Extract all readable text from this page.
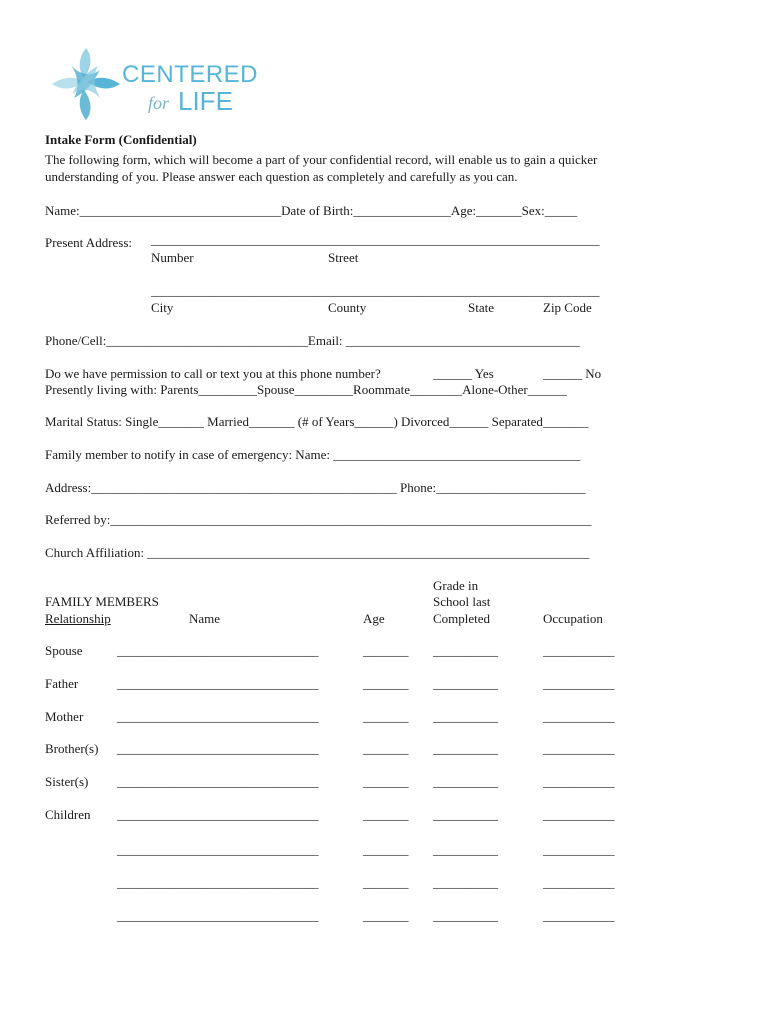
CENTERED
for LIFE
Intake Form (Confidential)
The following form, which will become a part of your confidential record, will enable us to gain a quicker
understanding of you. Please answer each question as completely and carefully as you can.
Name:_______________________________Date of Birth:_______________Age:_______Sex:_____
Present Address: _____________________________________________________________________
Number	Street
_____________________________________________________________________
City	County	State	Zip Code
Phone/Cell:_______________________________Email: ____________________________________
Do we have permission to call or text you at this phone number?	______ Yes	______ No
Presently living with: Parents_________Spouse_________Roommate________Alone-Other______
Marital Status: Single_______ Married_______ (# of Years______) Divorced______ Separated_______
Family member to notify in case of emergency: Name: ______________________________________
Address:_______________________________________________ Phone:_______________________
Referred by:__________________________________________________________________________
Church Affiliation: ____________________________________________________________________
Grade in
FAMILY MEMBERS	School last
Relationship	Name	Age	Completed	Occupation
Spouse	_______________________________	_______ __________	___________
Father	_______________________________	_______ __________	___________
Mother	_______________________________	_______ __________	___________
Brother(s) _______________________________	_______ __________	___________
Sister(s) _______________________________	_______ __________	___________
Children _______________________________	_______ __________	___________
_______________________________	_______ __________	___________
_______________________________	_______ __________	___________
_______________________________	_______ __________	___________
